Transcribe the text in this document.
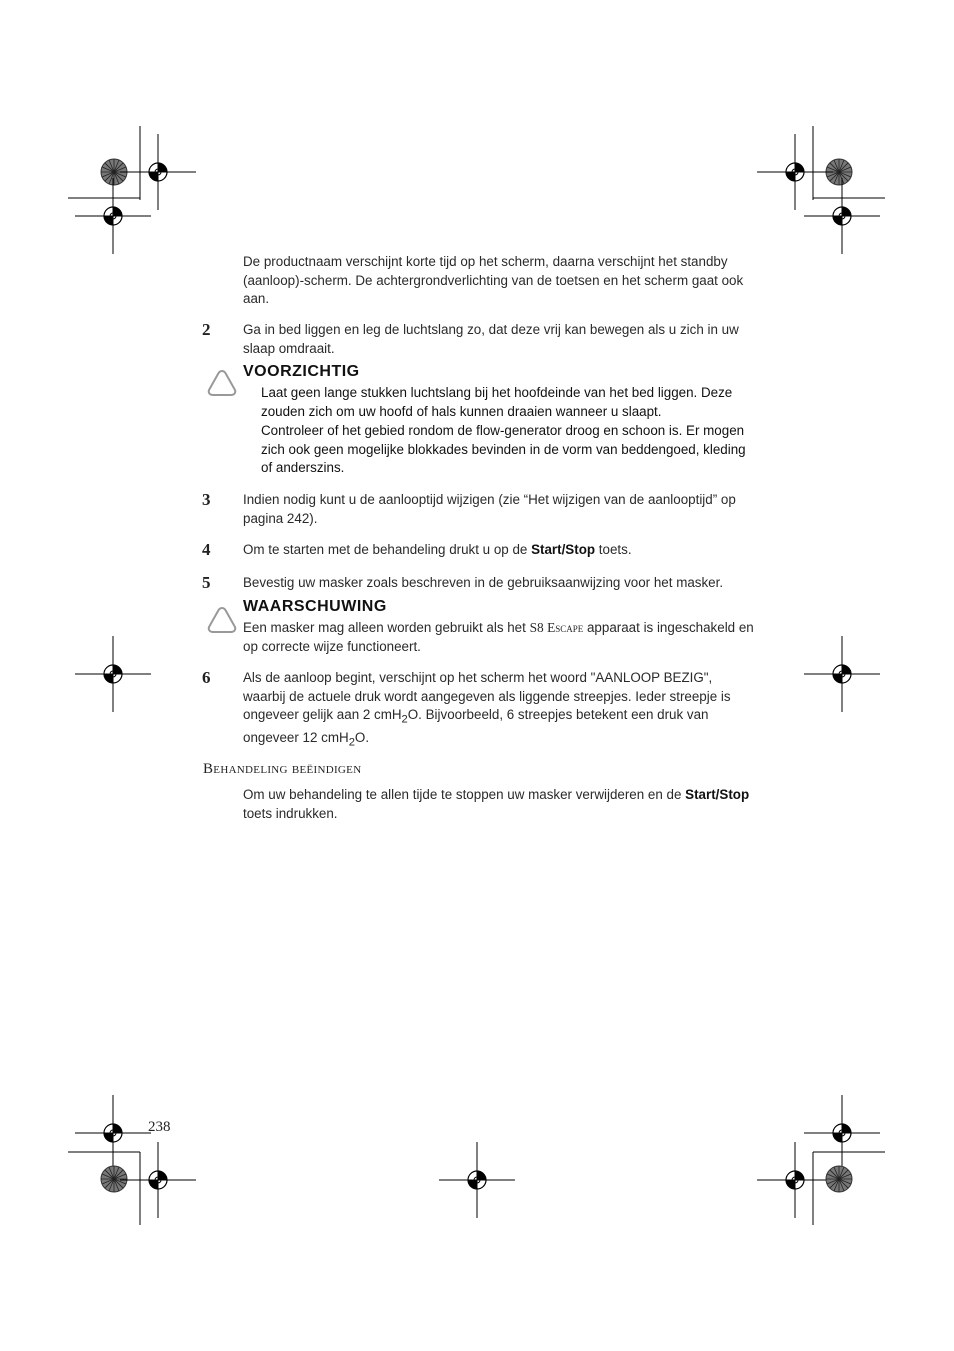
De productnaam verschijnt korte tijd op het scherm, daarna verschijnt het standby (aanloop)-scherm. De achtergrondverlichting van de toetsen en het scherm gaat ook aan.

2 Ga in bed liggen en leg de luchtslang zo, dat deze vrij kan bewegen als u zich in uw slaap omdraait.

VOORZICHTIG

Laat geen lange stukken luchtslang bij het hoofdeinde van het bed liggen. Deze zouden zich om uw hoofd of hals kunnen draaien wanneer u slaapt.

Controleer of het gebied rondom de flow-generator droog en schoon is. Er mogen zich ook geen mogelijke blokkades bevinden in de vorm van beddengoed, kleding of anderszins.

3 Indien nodig kunt u de aanlooptijd wijzigen (zie “Het wijzigen van de aanlooptijd” op pagina 242).

4 Om te starten met de behandeling drukt u op de Start/Stop toets.

5 Bevestig uw masker zoals beschreven in de gebruiksaanwijzing voor het masker.

WAARSCHUWING

Een masker mag alleen worden gebruikt als het S8 Escape apparaat is ingeschakeld en op correcte wijze functioneert.

6 Als de aanloop begint, verschijnt op het scherm het woord "AANLOOP BEZIG", waarbij de actuele druk wordt aangegeven als liggende streepjes. Ieder streepje is ongeveer gelijk aan 2 cmH$_2$O. Bijvoorbeeld, 6 streepjes betekent een druk van ongeveer 12 cmH$_2$O.

Behandeling beëindigen

Om uw behandeling te allen tijde te stoppen uw masker verwijderen en de Start/Stop toets indrukken.

238
